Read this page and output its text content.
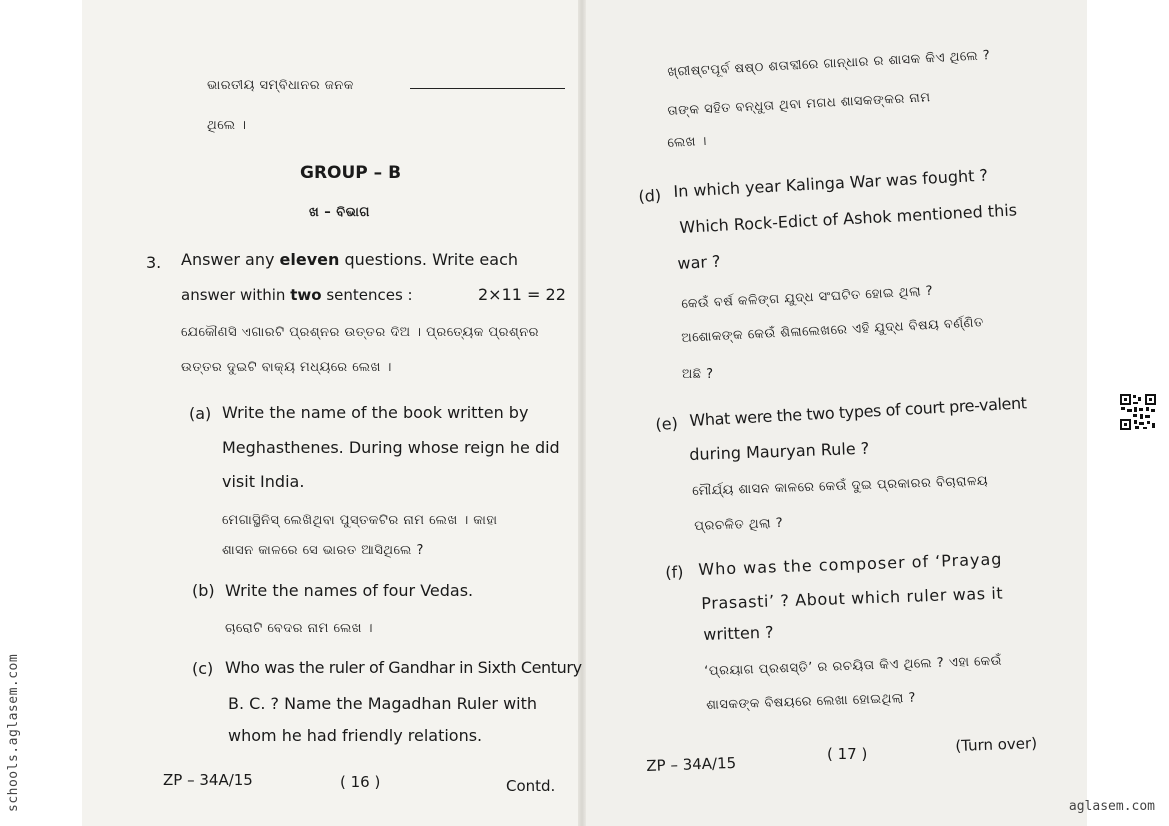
ଭାରତୀୟ ସମ୍ବିଧାନର ଜନକ
ଥିଲେ ।
GROUP – B
ଖ – ବିଭାଗ
3. Answer any eleven questions. Write each
answer within two sentences :	2×11 = 22
ଯେକୌଣସି ଏଗାରଟି ପ୍ରଶ୍ନର ଉତ୍ତର ଦିଅ । ପ୍ରତ୍ୟେକ ପ୍ରଶ୍ନର
ଉତ୍ତର ଦୁଇଟି ବାକ୍ୟ ମଧ୍ୟରେ ଲେଖ ।
(a) Write the name of the book written by
Meghasthenes. During whose reign he did
visit India.
ମେଗାସ୍ଥିନିସ୍ ଲେଖିଥିବା ପୁସ୍ତକଟିର ନାମ ଲେଖ । କାହା
ଶାସନ କାଳରେ ସେ ଭାରତ ଆସିଥିଲେ ?
(b) Write the names of four Vedas.
ଚାରୋଟି ବେଦର ନାମ ଲେଖ ।
(c) Who was the ruler of Gandhar in Sixth Century
B. C. ? Name the Magadhan Ruler with
whom he had friendly relations.
ZP – 34A/15	( 16 )	Contd.
ଖ୍ରୀଷ୍ଟପୂର୍ବ ଷଷ୍ଠ ଶତାବ୍ଦୀରେ ଗାନ୍ଧାର ର ଶାସକ କିଏ ଥିଲେ ?
ତାଙ୍କ ସହିତ ବନ୍ଧୁତା ଥିବା ମଗଧ ଶାସକଙ୍କର ନାମ
ଲେଖ ।
(d) In which year Kalinga War was fought ?
Which Rock-Edict of Ashok mentioned this
war ?
କେଉଁ ବର୍ଷ କଳିଙ୍ଗ ଯୁଦ୍ଧ ସଂଘଟିତ ହୋଇ ଥିଲା ?
ଅଶୋକଙ୍କ କେଉଁ ଶିଳାଲେଖରେ ଏହି ଯୁଦ୍ଧ ବିଷୟ ବର୍ଣ୍ଣିତ
ଅଛି ?
(e) What were the two types of court pre-valent
during Mauryan Rule ?
ମୌର୍ଯ୍ୟ ଶାସନ କାଳରେ କେଉଁ ଦୁଇ ପ୍ରକାରର ବିଚାରାଳୟ
ପ୍ରଚଳିତ ଥିଲା ?
(f) Who was the composer of ‘Prayag
Prasasti’ ? About which ruler was it
written ?
‘ପ୍ରୟାଗ ପ୍ରଶସ୍ତି’ ର ରଚୟିତା କିଏ ଥିଲେ ? ଏହା କେଉଁ
ଶାସକଙ୍କ ବିଷୟରେ ଲେଖା ହୋଇଥିଲା ?
ZP – 34A/15	( 17 )	(Turn over)
schools.aglasem.com	aglasem.com
